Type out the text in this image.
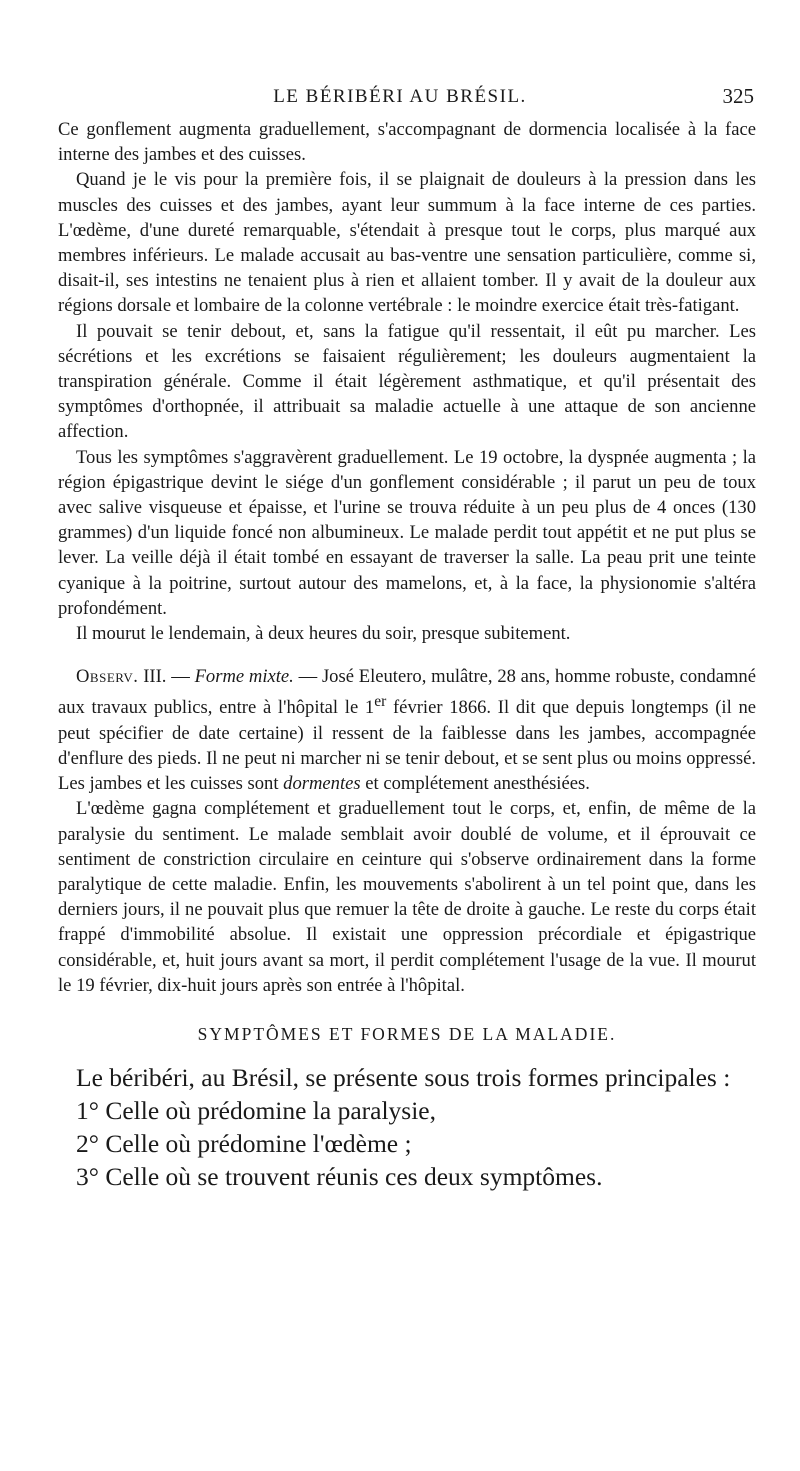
LE BÉRIBÉRI AU BRÉSIL.	325

Ce gonflement augmenta graduellement, s'accompagnant de dormencia localisée à la face interne des jambes et des cuisses.

Quand je le vis pour la première fois, il se plaignait de douleurs à la pression dans les muscles des cuisses et des jambes, ayant leur summum à la face interne de ces parties. L'œdème, d'une dureté remarquable, s'étendait à presque tout le corps, plus marqué aux membres inférieurs. Le malade accusait au bas-ventre une sensation particulière, comme si, disait-il, ses intestins ne tenaient plus à rien et allaient tomber. Il y avait de la douleur aux régions dorsale et lombaire de la colonne vertébrale : le moindre exercice était très-fatigant.

Il pouvait se tenir debout, et, sans la fatigue qu'il ressentait, il eût pu marcher. Les sécrétions et les excrétions se faisaient régulièrement; les douleurs augmentaient la transpiration générale. Comme il était légèrement asthmatique, et qu'il présentait des symptômes d'orthopnée, il attribuait sa maladie actuelle à une attaque de son ancienne affection.

Tous les symptômes s'aggravèrent graduellement. Le 19 octobre, la dyspnée augmenta ; la région épigastrique devint le siége d'un gonflement considérable ; il parut un peu de toux avec salive visqueuse et épaisse, et l'urine se trouva réduite à un peu plus de 4 onces (130 grammes) d'un liquide foncé non albumineux. Le malade perdit tout appétit et ne put plus se lever. La veille déjà il était tombé en essayant de traverser la salle. La peau prit une teinte cyanique à la poitrine, surtout autour des mamelons, et, à la face, la physionomie s'altéra profondément.

Il mourut le lendemain, à deux heures du soir, presque subitement.

Observ. III. — Forme mixte. — José Eleutero, mulâtre, 28 ans, homme robuste, condamné aux travaux publics, entre à l'hôpital le 1er février 1866. Il dit que depuis longtemps (il ne peut spécifier de date certaine) il ressent de la faiblesse dans les jambes, accompagnée d'enflure des pieds. Il ne peut ni marcher ni se tenir debout, et se sent plus ou moins oppressé. Les jambes et les cuisses sont dormentes et complétement anesthésiées.

L'œdème gagna complétement et graduellement tout le corps, et, enfin, de même de la paralysie du sentiment. Le malade semblait avoir doublé de volume, et il éprouvait ce sentiment de constriction circulaire en ceinture qui s'observe ordinairement dans la forme paralytique de cette maladie. Enfin, les mouvements s'abolirent à un tel point que, dans les derniers jours, il ne pouvait plus que remuer la tête de droite à gauche. Le reste du corps était frappé d'immobilité absolue. Il existait une oppression précordiale et épigastrique considérable, et, huit jours avant sa mort, il perdit complétement l'usage de la vue. Il mourut le 19 février, dix-huit jours après son entrée à l'hôpital.

SYMPTÔMES ET FORMES DE LA MALADIE.

Le béribéri, au Brésil, se présente sous trois formes principales :

1° Celle où prédomine la paralysie,

2° Celle où prédomine l'œdème ;

3° Celle où se trouvent réunis ces deux symptômes.
